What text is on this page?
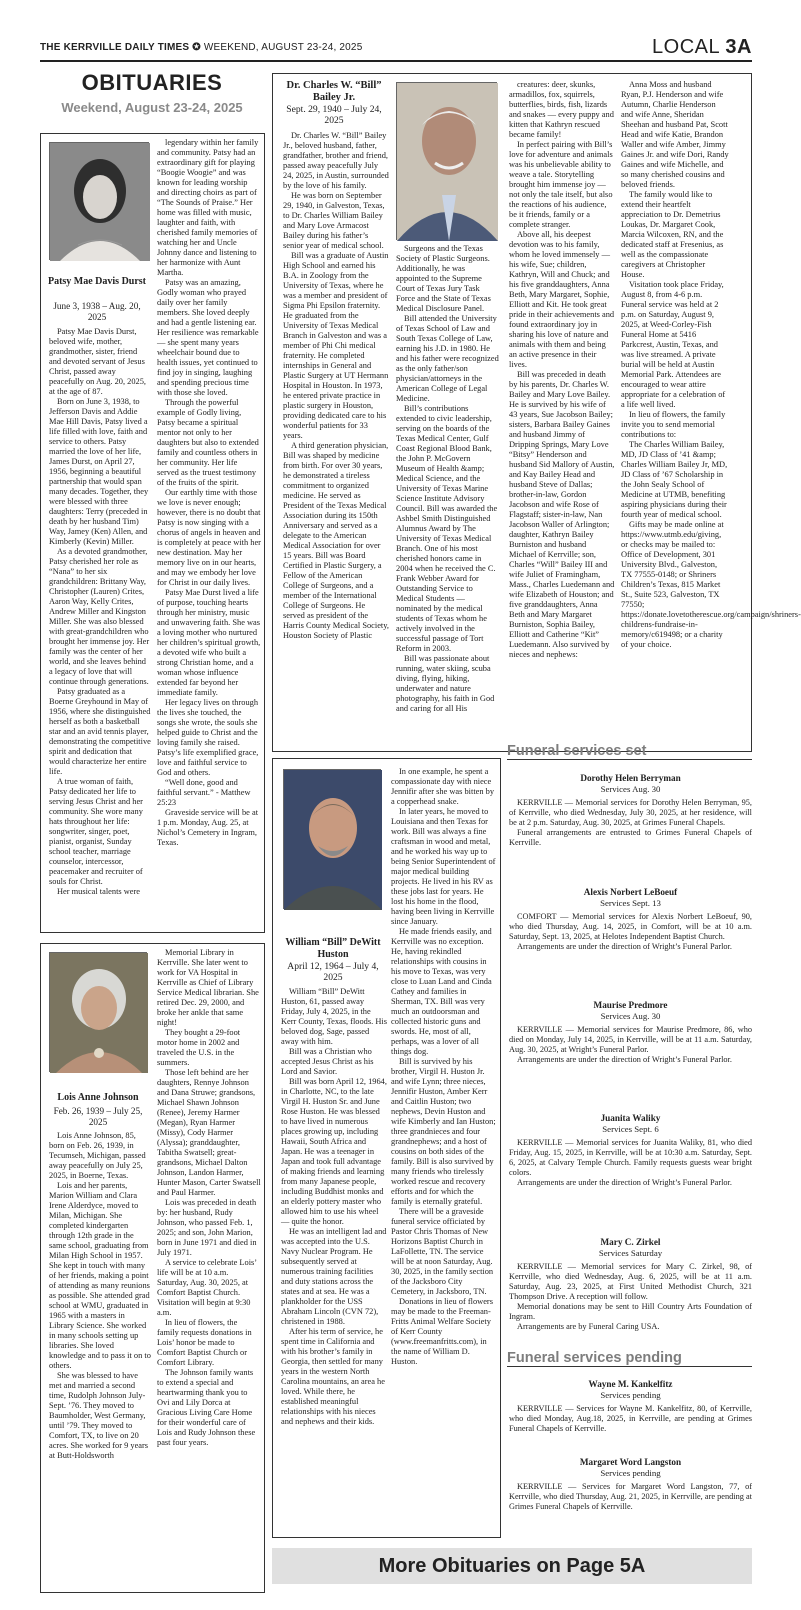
THE KERRVILLE DAILY TIMES ✪ WEEKEND, AUGUST 23-24, 2025	LOCAL 3A
OBITUARIES
Weekend, August 23-24, 2025
Patsy Mae Davis Durst
June 3, 1938 – Aug. 20, 2025

Patsy Mae Davis Durst, beloved wife, mother, grandmother, sister, friend and devoted servant of Jesus Christ, passed away peacefully on Aug. 20, 2025, at the age of 87.

Born on June 3, 1938, to Jefferson Davis and Addie Mae Hill Davis, Patsy lived a life filled with love, faith and service to others. Patsy married the love of her life, James Durst, on April 27, 1956, beginning a beautiful partnership that would span many decades. Together, they were blessed with three daughters: Terry (preceded in death by her husband Tim) Way, Jamey (Ken) Allen, and Kimberly (Kevin) Miller.

As a devoted grandmother, Patsy cherished her role as “Nana” to her six grandchildren: Brittany Way, Christopher (Lauren) Crites, Aaron Way, Kelly Crites, Andrew Miller and Kingston Miller. She was also blessed with great-grandchildren who brought her immense joy. Her family was the center of her world, and she leaves behind a legacy of love that will continue through generations.

Patsy graduated as a Boerne Greyhound in May of 1956, where she distinguished herself as both a basketball star and an avid tennis player, demonstrating the competitive spirit and dedication that would characterize her entire life.

A true woman of faith, Patsy dedicated her life to serving Jesus Christ and her community. She wore many hats throughout her life: songwriter, singer, poet, pianist, organist, Sunday school teacher, marriage counselor, intercessor, peacemaker and recruiter of souls for Christ.

Her musical talents were

legendary within her family and community. Patsy had an extraordinary gift for playing “Boogie Woogie” and was known for leading worship and directing choirs as part of “The Sounds of Praise.” Her home was filled with music, laughter and faith, with cherished family memories of watching her and Uncle Johnny dance and listening to her harmonize with Aunt Martha.

Patsy was an amazing, Godly woman who prayed daily over her family members. She loved deeply and had a gentle listening ear. Her resilience was remarkable — she spent many years wheelchair bound due to health issues, yet continued to find joy in singing, laughing and spending precious time with those she loved.

Through the powerful example of Godly living, Patsy became a spiritual mentor not only to her daughters but also to extended family and countless others in her community. Her life served as the truest testimony of the fruits of the spirit.

Our earthly time with those we love is never enough; however, there is no doubt that Patsy is now singing with a chorus of angels in heaven and is completely at peace with her new destination. May her memory live on in our hearts, and may we embody her love for Christ in our daily lives.

Patsy Mae Durst lived a life of purpose, touching hearts through her ministry, music and unwavering faith. She was a loving mother who nurtured her children’s spiritual growth, a devoted wife who built a strong Christian home, and a woman whose influence extended far beyond her immediate family.

Her legacy lives on through the lives she touched, the songs she wrote, the souls she helped guide to Christ and the loving family she raised. Patsy’s life exemplified grace, love and faithful service to God and others.

“Well done, good and faithful servant.” - Matthew 25:23

Graveside service will be at 1 p.m. Monday, Aug. 25, at Nichol’s Cemetery in Ingram, Texas.

Lois Anne Johnson
Feb. 26, 1939 – July 25, 2025

Lois Anne Johnson, 85, born on Feb. 26, 1939, in Tecumseh, Michigan, passed away peacefully on July 25, 2025, in Boerne, Texas.

Lois and her parents, Marion William and Clara Irene Alderdyce, moved to Milan, Michigan. She completed kindergarten through 12th grade in the same school, graduating from Milan High School in 1957. She kept in touch with many of her friends, making a point of attending as many reunions as possible. She attended grad school at WMU, graduated in 1965 with a masters in Library Science. She worked in many schools setting up libraries. She loved knowledge and to pass it on to others.

She was blessed to have met and married a second time, Rudolph Johnson July-Sept. ’76. They moved to Baumholder, West Germany, until ’79. They moved to Comfort, TX, to live on 20 acres. She worked for 9 years at Butt-Holdsworth

Memorial Library in Kerrville. She later went to work for VA Hospital in Kerrville as Chief of Library Service Medical librarian. She retired Dec. 29, 2000, and broke her ankle that same night!

They bought a 29-foot motor home in 2002 and traveled the U.S. in the summers.

Those left behind are her daughters, Rennye Johnson and Dana Struwe; grandsons, Michael Shawn Johnson (Renee), Jeremy Harmer (Megan), Ryan Harmer (Missy), Cody Harmer (Alyssa); granddaughter, Tabitha Swatsell; great-grandsons, Michael Dalton Johnson, Landon Harmer, Hunter Mason, Carter Swatsell and Paul Harmer.

Lois was preceded in death by: her husband, Rudy Johnson, who passed Feb. 1, 2025; and son, John Marion, born in June 1971 and died in July 1971.

A service to celebrate Lois’ life will be at 10 a.m. Saturday, Aug. 30, 2025, at Comfort Baptist Church. Visitation will begin at 9:30 a.m.

In lieu of flowers, the family requests donations in Lois’ honor be made to Comfort Baptist Church or Comfort Library.

The Johnson family wants to extend a special and heartwarming thank you to Ovi and Lily Dorca at Gracious Living Care Home for their wonderful care of Lois and Rudy Johnson these past four years.

Dr. Charles W. “Bill” Bailey Jr.
Sept. 29, 1940 – July 24, 2025

Dr. Charles W. “Bill” Bailey Jr., beloved husband, father, grandfather, brother and friend, passed away peacefully July 24, 2025, in Austin, surrounded by the love of his family.

He was born on September 29, 1940, in Galveston, Texas, to Dr. Charles William Bailey and Mary Love Armacost Bailey during his father’s senior year of medical school.

Bill was a graduate of Austin High School and earned his B.A. in Zoology from the University of Texas, where he was a member and president of Sigma Phi Epsilon fraternity. He graduated from the University of Texas Medical Branch in Galveston and was a member of Phi Chi medical fraternity. He completed internships in General and Plastic Surgery at UT Hermann Hospital in Houston. In 1973, he entered private practice in plastic surgery in Houston, providing dedicated care to his wonderful patients for 33 years.

A third generation physician, Bill was shaped by medicine from birth. For over 30 years, he demonstrated a tireless commitment to organized medicine. He served as President of the Texas Medical Association during its 150th Anniversary and served as a delegate to the American Medical Association for over 15 years. Bill was Board Certified in Plastic Surgery, a Fellow of the American College of Surgeons, and a member of the International College of Surgeons. He served as president of the Harris County Medical Society, Houston Society of Plastic

Surgeons and the Texas Society of Plastic Surgeons. Additionally, he was appointed to the Supreme Court of Texas Jury Task Force and the State of Texas Medical Disclosure Panel.

Bill attended the University of Texas School of Law and South Texas College of Law, earning his J.D. in 1980. He and his father were recognized as the only father/son physician/attorneys in the American College of Legal Medicine.

Bill’s contributions extended to civic leadership, serving on the boards of the Texas Medical Center, Gulf Coast Regional Blood Bank, the John P. McGovern Museum of Health &amp; Medical Science, and the University of Texas Marine Science Institute Advisory Council. Bill was awarded the Ashbel Smith Distinguished Alumnus Award by The University of Texas Medical Branch. One of his most cherished honors came in 2004 when he received the C. Frank Webber Award for Outstanding Service to Medical Students — nominated by the medical students of Texas whom he actively involved in the successful passage of Tort Reform in 2003.

Bill was passionate about running, water skiing, scuba diving, flying, hiking, underwater and nature photography, his faith in God and caring for all His

creatures: deer, skunks, armadillos, fox, squirrels, butterflies, birds, fish, lizards and snakes — every puppy and kitten that Kathryn rescued became family!

In perfect pairing with Bill’s love for adventure and animals was his unbelievable ability to weave a tale. Storytelling brought him immense joy — not only the tale itself, but also the reactions of his audience, be it friends, family or a complete stranger.

Above all, his deepest devotion was to his family, whom he loved immensely — his wife, Sue; children, Kathryn, Will and Chuck; and his five granddaughters, Anna Beth, Mary Margaret, Sophie, Elliott and Kit. He took great pride in their achievements and found extraordinary joy in sharing his love of nature and animals with them and being an active presence in their lives.

Bill was preceded in death by his parents, Dr. Charles W. Bailey and Mary Love Bailey. He is survived by his wife of 43 years, Sue Jacobson Bailey; sisters, Barbara Bailey Gaines and husband Jimmy of Dripping Springs, Mary Love “Bitsy” Henderson and husband Sid Mallory of Austin, and Kay Bailey Head and husband Steve of Dallas; brother-in-law, Gordon Jacobson and wife Rose of Flagstaff; sister-in-law, Nan Jacobson Waller of Arlington; daughter, Kathryn Bailey Burniston and husband Michael of Kerrville; son, Charles “Will” Bailey III and wife Juliet of Framingham, Mass., Charles Luedemann and wife Elizabeth of Houston; and five granddaughters, Anna Beth and Mary Margaret Burniston, Sophia Bailey, Elliott and Catherine “Kit” Luedemann. Also survived by nieces and nephews:

Anna Moss and husband Ryan, P.J. Henderson and wife Autumn, Charlie Henderson and wife Anne, Sheridan Sheehan and husband Pat, Scott Head and wife Katie, Brandon Waller and wife Amber, Jimmy Gaines Jr. and wife Dori, Randy Gaines and wife Michelle, and so many cherished cousins and beloved friends.

The family would like to extend their heartfelt appreciation to Dr. Demetrius Loukas, Dr. Margaret Cook, Marcia Wilcoxen, RN, and the dedicated staff at Fresenius, as well as the compassionate caregivers at Christopher House.

Visitation took place Friday, August 8, from 4-6 p.m. Funeral service was held at 2 p.m. on Saturday, August 9, 2025, at Weed-Corley-Fish Funeral Home at 5416 Parkcrest, Austin, Texas, and was live streamed. A private burial will be held at Austin Memorial Park. Attendees are encouraged to wear attire appropriate for a celebration of a life well lived.

In lieu of flowers, the family invite you to send memorial contributions to:

The Charles William Bailey, MD, JD Class of ’41 &amp; Charles William Bailey Jr, MD, JD Class of ’67 Scholarship in the John Sealy School of Medicine at UTMB, benefiting aspiring physicians during their fourth year of medical school.

Gifts may be made online at https://www.utmb.edu/giving, or checks may be mailed to: Office of Development, 301 University Blvd., Galveston, TX 77555-0148; or Shriners Children’s Texas, 815 Market St., Suite 523, Galveston, TX 77550; https://donate.lovetotherescue.org/campaign/shriners-childrens-fundraise-in-memory/c619498; or a charity of your choice.

William “Bill” DeWitt Huston
April 12, 1964 – July 4, 2025

William “Bill” DeWitt Huston, 61, passed away Friday, July 4, 2025, in the Kerr County, Texas, floods. His beloved dog, Sage, passed away with him.

Bill was a Christian who accepted Jesus Christ as his Lord and Savior.

Bill was born April 12, 1964, in Charlotte, NC, to the late Virgil H. Huston Sr. and June Rose Huston. He was blessed to have lived in numerous places growing up, including Hawaii, South Africa and Japan. He was a teenager in Japan and took full advantage of making friends and learning from many Japanese people, including Buddhist monks and an elderly pottery master who allowed him to use his wheel — quite the honor.

He was an intelligent lad and was accepted into the U.S. Navy Nuclear Program. He subsequently served at numerous training facilities and duty stations across the states and at sea. He was a plankholder for the USS Abraham Lincoln (CVN 72), christened in 1988.

After his term of service, he spent time in California and with his brother’s family in Georgia, then settled for many years in the western North Carolina mountains, an area he loved. While there, he established meaningful relationships with his nieces and nephews and their kids.

In one example, he spent a compassionate day with niece Jennifir after she was bitten by a copperhead snake.

In later years, he moved to Louisiana and then Texas for work. Bill was always a fine craftsman in wood and metal, and he worked his way up to being Senior Superintendent of major medical building projects. He lived in his RV as these jobs last for years. He lost his home in the flood, having been living in Kerrville since January.

He made friends easily, and Kerrville was no exception. He, having rekindled relationships with cousins in his move to Texas, was very close to Luan Land and Cinda Cathey and families in Sherman, TX. Bill was very much an outdoorsman and collected historic guns and swords. He, most of all, perhaps, was a lover of all things dog.

Bill is survived by his brother, Virgil H. Huston Jr. and wife Lynn; three nieces, Jennifir Huston, Amber Kerr and Caitlin Huston; two nephews, Devin Huston and wife Kimberly and Ian Huston; three grandnieces and four grandnephews; and a host of cousins on both sides of the family. Bill is also survived by many friends who tirelessly worked rescue and recovery efforts and for which the family is eternally grateful.

There will be a graveside funeral service officiated by Pastor Chris Thomas of New Horizons Baptist Church in LaFollette, TN. The service will be at noon Saturday, Aug. 30, 2025, in the family section of the Jacksboro City Cemetery, in Jacksboro, TN.

Donations in lieu of flowers may be made to the Freeman-Fritts Animal Welfare Society of Kerr County (www.freemanfritts.com), in the name of William D. Huston.

Funeral services set
Dorothy Helen Berryman
Services Aug. 30

KERRVILLE — Memorial services for Dorothy Helen Berryman, 95, of Kerrville, who died Wednesday, July 30, 2025, at her residence, will be at 2 p.m. Saturday, Aug. 30, 2025, at Grimes Funeral Chapels.

Funeral arrangements are entrusted to Grimes Funeral Chapels of Kerrville.

Alexis Norbert LeBoeuf
Services Sept. 13

COMFORT — Memorial services for Alexis Norbert LeBoeuf, 90, who died Thursday, Aug. 14, 2025, in Comfort, will be at 10 a.m. Saturday, Sept. 13, 2025, at Helotes Independent Baptist Church.

Arrangements are under the direction of Wright’s Funeral Parlor.

Maurise Predmore
Services Aug. 30

KERRVILLE — Memorial services for Maurise Predmore, 86, who died on Monday, July 14, 2025, in Kerrville, will be at 11 a.m. Saturday, Aug. 30, 2025, at Wright’s Funeral Parlor.

Arrangements are under the direction of Wright’s Funeral Parlor.

Juanita Waliky
Services Sept. 6

KERRVILLE — Memorial services for Juanita Waliky, 81, who died Friday, Aug. 15, 2025, in Kerrville, will be at 10:30 a.m. Saturday, Sept. 6, 2025, at Calvary Temple Church. Family requests guests wear bright colors.

Arrangements are under the direction of Wright’s Funeral Parlor.

Mary C. Zirkel
Services Saturday

KERRVILLE — Memorial services for Mary C. Zirkel, 98, of Kerrville, who died Wednesday, Aug. 6, 2025, will be at 11 a.m. Saturday, Aug. 23, 2025, at First United Methodist Church, 321 Thompson Drive. A reception will follow.

Memorial donations may be sent to Hill Country Arts Foundation of Ingram.

Arrangements are by Funeral Caring USA.

Funeral services pending
Wayne M. Kankelfitz
Services pending

KERRVILLE — Services for Wayne M. Kankelfitz, 80, of Kerrville, who died Monday, Aug.18, 2025, in Kerrville, are pending at Grimes Funeral Chapels of Kerrville.

Margaret Word Langston
Services pending

KERRVILLE — Services for Margaret Word Langston, 77, of Kerrville, who died Thursday, Aug. 21, 2025, in Kerrville, are pending at Grimes Funeral Chapels of Kerrville.

More Obituaries on Page 5A
